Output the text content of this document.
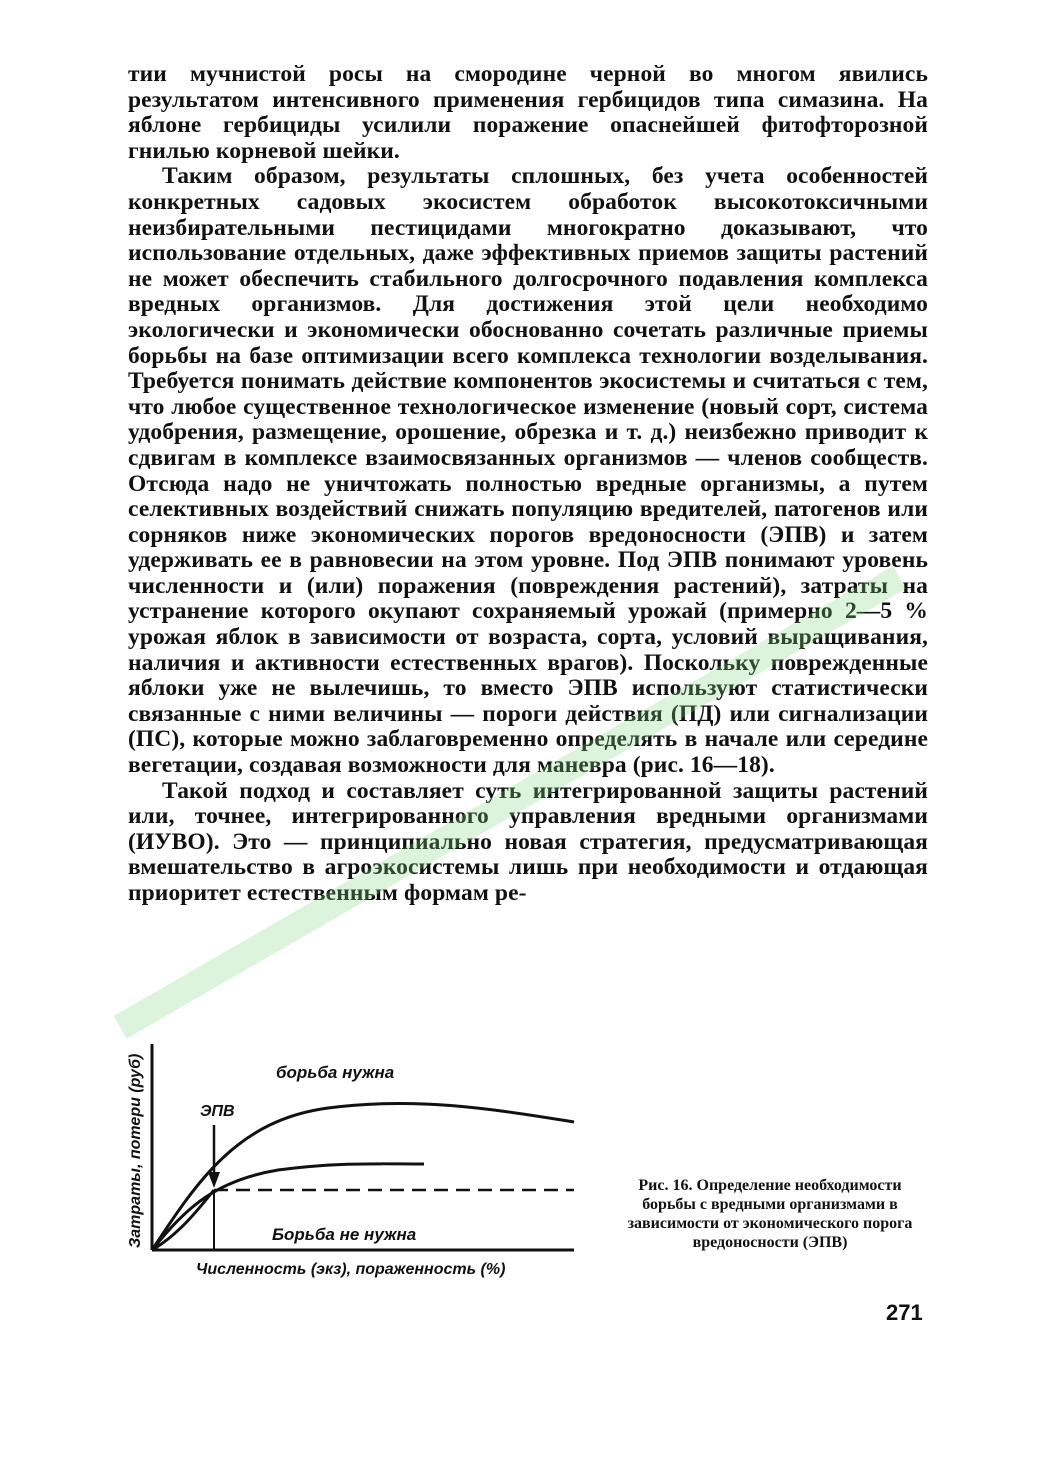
тии мучнистой росы на смородине черной во многом явились результатом интенсивного применения гербицидов типа симазина. На яблоне гербициды усилили поражение опаснейшей фитофторозной гнилью корневой шейки.

Таким образом, результаты сплошных, без учета особенностей конкретных садовых экосистем обработок высокотоксичными неизбирательными пестицидами многократно доказывают, что использование отдельных, даже эффективных приемов защиты растений не может обеспечить стабильного долгосрочного подавления комплекса вредных организмов. Для достижения этой цели необходимо экологически и экономически обоснованно сочетать различные приемы борьбы на базе оптимизации всего комплекса технологии возделывания. Требуется понимать действие компонентов экосистемы и считаться с тем, что любое существенное технологическое изменение (новый сорт, система удобрения, размещение, орошение, обрезка и т. д.) неизбежно приводит к сдвигам в комплексе взаимосвязанных организмов — членов сообществ. Отсюда надо не уничтожать полностью вредные организмы, а путем селективных воздействий снижать популяцию вредителей, патогенов или сорняков ниже экономических порогов вредоносности (ЭПВ) и затем удерживать ее в равновесии на этом уровне. Под ЭПВ понимают уровень численности и (или) поражения (повреждения растений), затраты на устранение которого окупают сохраняемый урожай (примерно 2—5 % урожая яблок в зависимости от возраста, сорта, условий выращивания, наличия и активности естественных врагов). Поскольку поврежденные яблоки уже не вылечишь, то вместо ЭПВ используют статистически связанные с ними величины — пороги действия (ПД) или сигнализации (ПС), которые можно заблаговременно определять в начале или середине вегетации, создавая возможности для маневра (рис. 16—18).

Такой подход и составляет суть интегрированной защиты растений или, точнее, интегрированного управления вредными организмами (ИУВО). Это — принципиально новая стратегия, предусматривающая вмешательство в агроэкосистемы лишь при необходимости и отдающая приоритет естественным формам ре-

борьба нужна
ЭПВ
Борьба не нужна
Численность (экз), пораженность (%)
Затраты, потери (руб)	Рис. 16. Определение необходимости борьбы с вредными организмами в зависимости от экономического порога вредоносности (ЭПВ)
271
